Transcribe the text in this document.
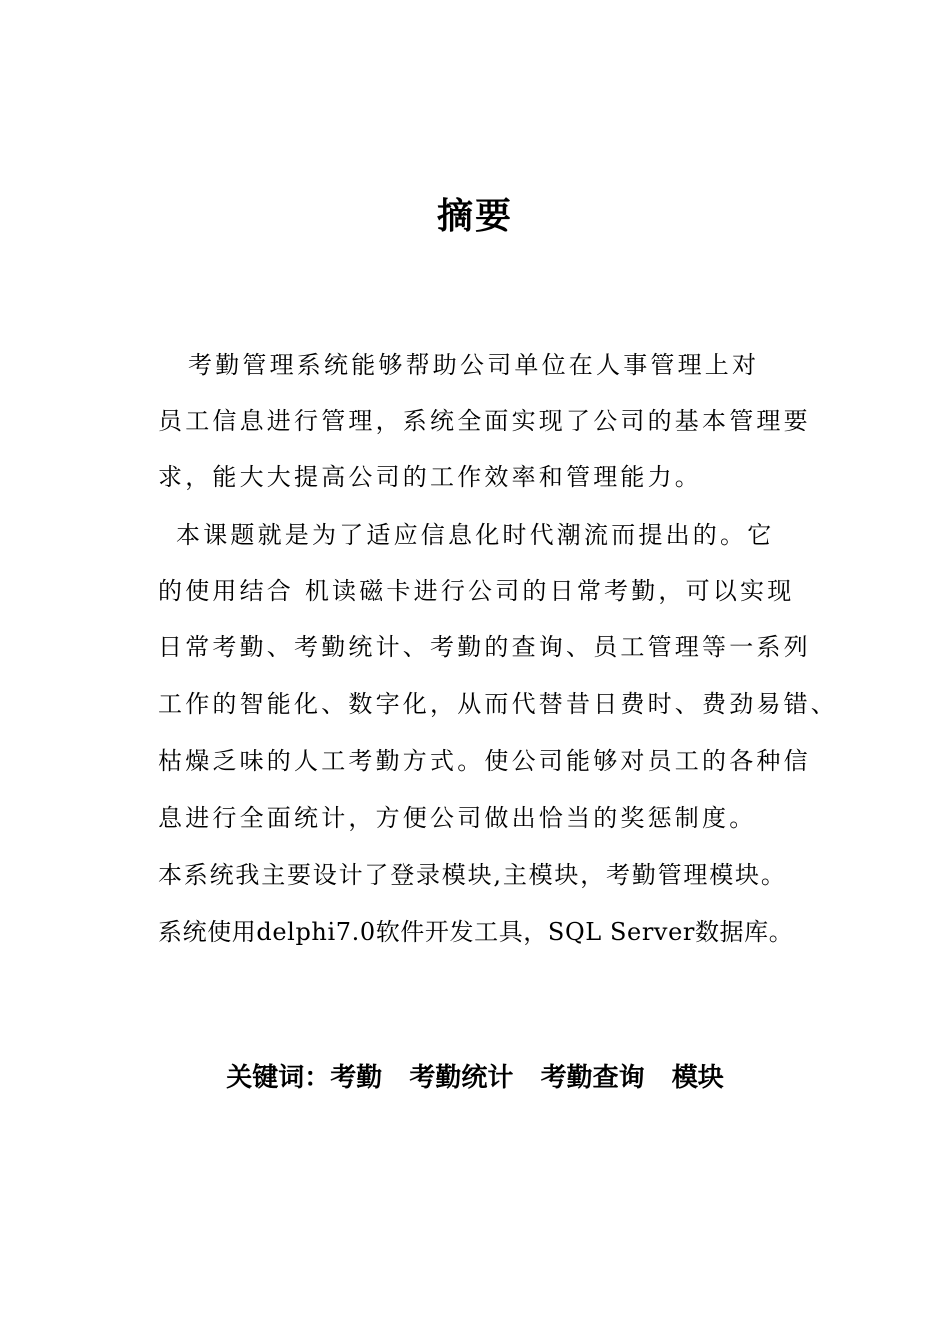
摘要
考勤管理系统能够帮助公司单位在人事管理上对
员工信息进行管理，系统全面实现了公司的基本管理要
求，能大大提高公司的工作效率和管理能力。
本课题就是为了适应信息化时代潮流而提出的。它
的使用结合 机读磁卡进行公司的日常考勤，可以实现
日常考勤、考勤统计、考勤的查询、员工管理等一系列
工作的智能化、数字化，从而代替昔日费时、费劲易错、
枯燥乏味的人工考勤方式。使公司能够对员工的各种信
息进行全面统计，方便公司做出恰当的奖惩制度。
本系统我主要设计了登录模块,主模块，考勤管理模块。
系统使用delphi7.0软件开发工具，SQL Server数据库。
关键词：考勤   考勤统计   考勤查询   模块
